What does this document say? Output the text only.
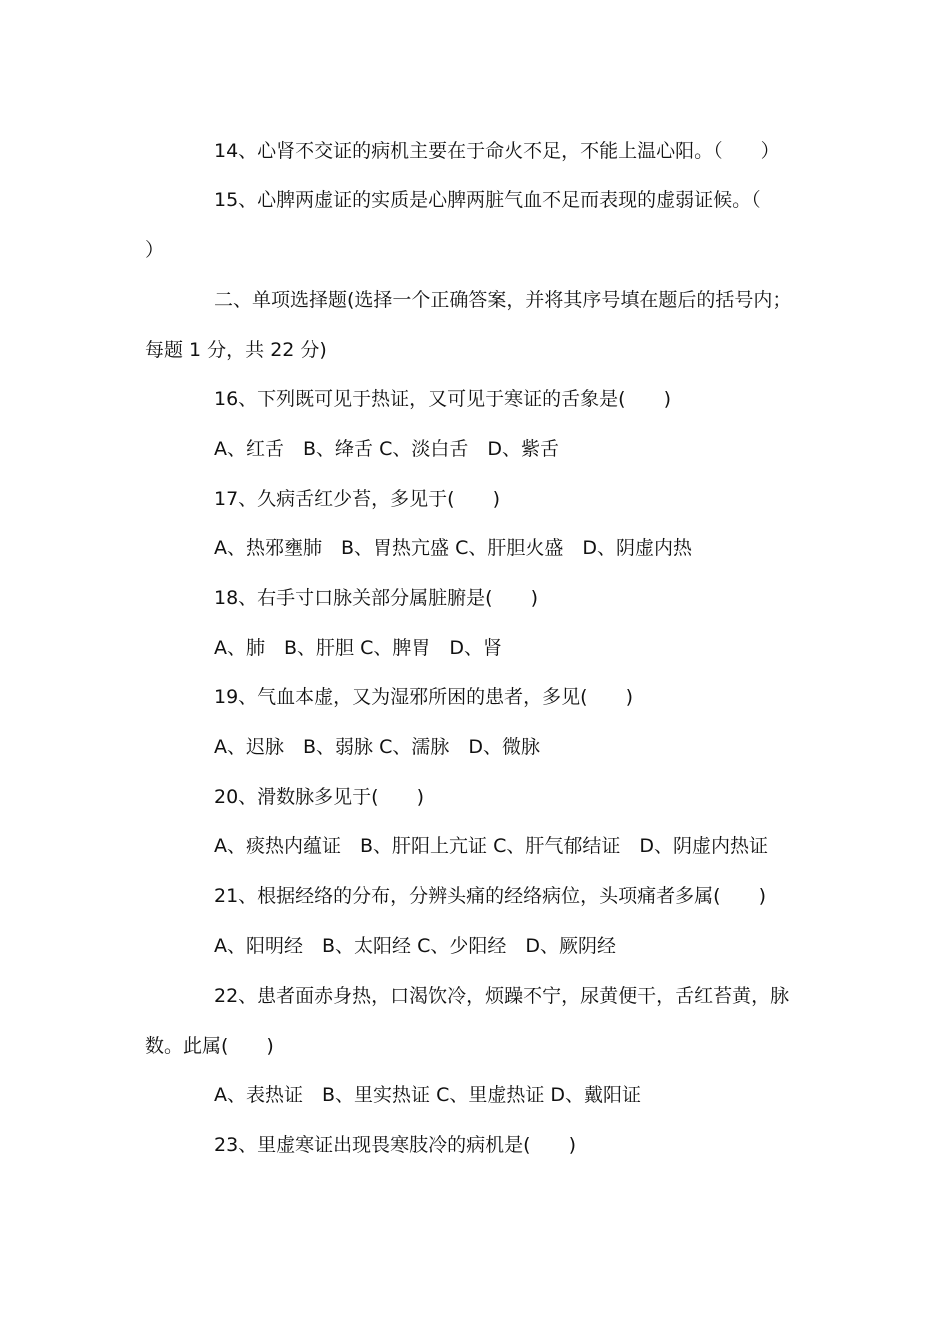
14、心肾不交证的病机主要在于命火不足，不能上温心阳。（　　）
15、心脾两虚证的实质是心脾两脏气血不足而表现的虚弱证候。（
）
二、单项选择题(选择一个正确答案，并将其序号填在题后的括号内；
每题 1 分，共 22 分)
16、下列既可见于热证，又可见于寒证的舌象是(　　)
A、红舌　B、绛舌 C、淡白舌　D、紫舌
17、久病舌红少苔，多见于(　　)
A、热邪壅肺　B、胃热亢盛 C、肝胆火盛　D、阴虚内热
18、右手寸口脉关部分属脏腑是(　　)
A、肺　B、肝胆 C、脾胃　D、肾
19、气血本虚，又为湿邪所困的患者，多见(　　)
A、迟脉　B、弱脉 C、濡脉　D、微脉
20、滑数脉多见于(　　)
A、痰热内蕴证　B、肝阳上亢证 C、肝气郁结证　D、阴虚内热证
21、根据经络的分布，分辨头痛的经络病位，头项痛者多属(　　)
A、阳明经　B、太阳经 C、少阳经　D、厥阴经
22、患者面赤身热，口渴饮冷，烦躁不宁，尿黄便干，舌红苔黄，脉
数。此属(　　)
A、表热证　B、里实热证 C、里虚热证 D、戴阳证
23、里虚寒证出现畏寒肢冷的病机是(　　)
